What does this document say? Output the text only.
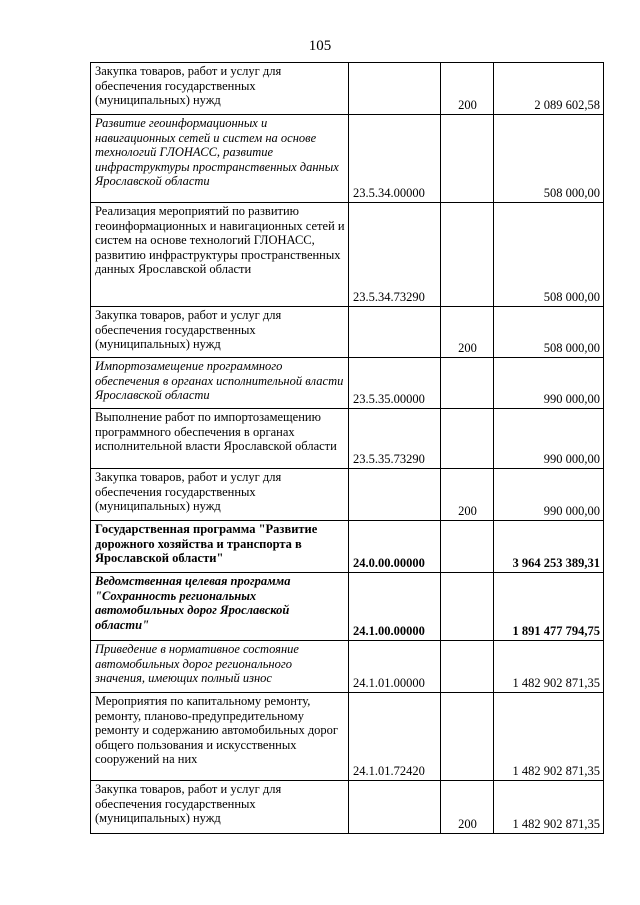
105
Закупка товаров, работ и услуг для обеспечения государственных (муниципальных) нужд		200	2 089 602,58
Развитие геоинформационных и навигационных сетей и систем на основе технологий ГЛОНАСС, развитие инфраструктуры пространственных данных Ярославской области	23.5.34.00000		508 000,00
Реализация мероприятий по развитию геоинформационных и навигационных сетей и систем на основе технологий ГЛОНАСС, развитию инфраструктуры пространственных данных Ярославской области	23.5.34.73290		508 000,00
Закупка товаров, работ и услуг для обеспечения государственных (муниципальных) нужд		200	508 000,00
Импортозамещение программного обеспечения в органах исполнительной власти Ярославской области	23.5.35.00000		990 000,00
Выполнение работ по импортозамещению программного обеспечения в органах исполнительной власти Ярославской области	23.5.35.73290		990 000,00
Закупка товаров, работ и услуг для обеспечения государственных (муниципальных) нужд		200	990 000,00
Государственная программа "Развитие дорожного хозяйства и транспорта в Ярославской области"	24.0.00.00000		3 964 253 389,31
Ведомственная целевая программа "Сохранность региональных автомобильных дорог Ярославской области"	24.1.00.00000		1 891 477 794,75
Приведение в нормативное состояние автомобильных дорог регионального значения, имеющих полный износ	24.1.01.00000		1 482 902 871,35
Мероприятия по капитальному ремонту, ремонту, планово-предупредительному ремонту и содержанию автомобильных дорог общего пользования и искусственных сооружений на них	24.1.01.72420		1 482 902 871,35
Закупка товаров, работ и услуг для обеспечения государственных (муниципальных) нужд		200	1 482 902 871,35
